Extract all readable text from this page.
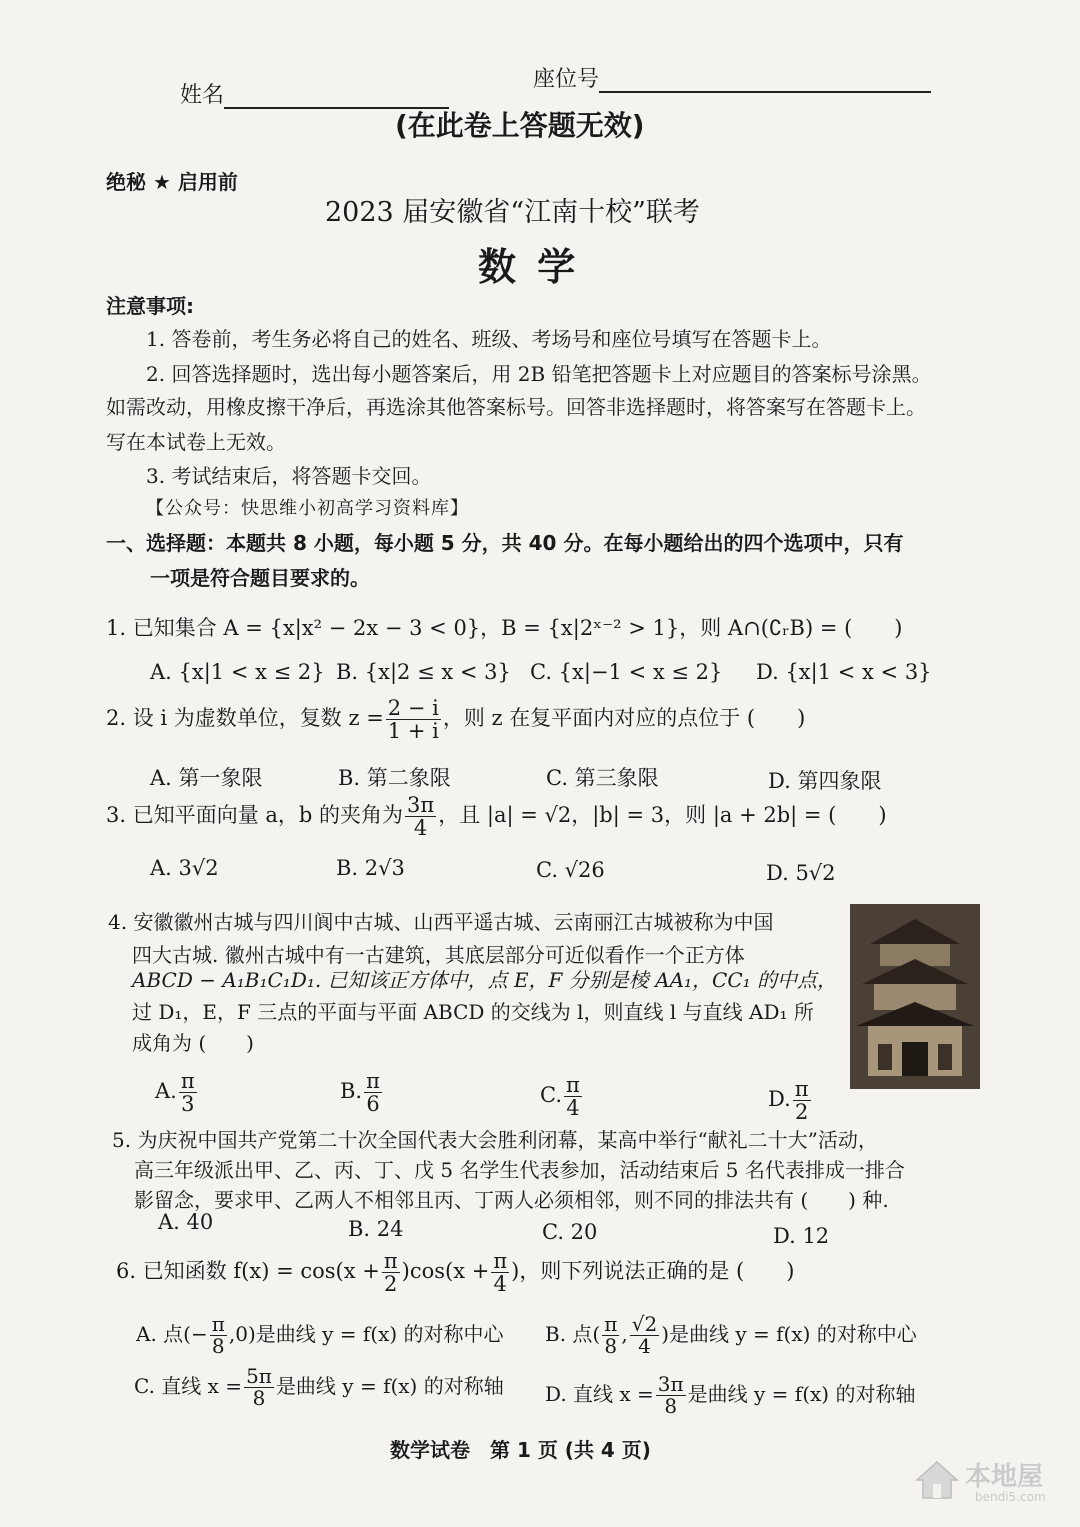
姓名
座位号
(在此卷上答题无效)
绝秘 ★ 启用前
2023 届安徽省“江南十校”联考
数 学
注意事项:
1. 答卷前，考生务必将自己的姓名、班级、考场号和座位号填写在答题卡上。
2. 回答选择题时，选出每小题答案后，用 2B 铅笔把答题卡上对应题目的答案标号涂黑。
如需改动，用橡皮擦干净后，再选涂其他答案标号。回答非选择题时，将答案写在答题卡上。
写在本试卷上无效。
3. 考试结束后，将答题卡交回。
【公众号：快思维小初高学习资料库】
一、选择题：本题共 8 小题，每小题 5 分，共 40 分。在每小题给出的四个选项中，只有
一项是符合题目要求的。
1. 已知集合 A = {x|x² − 2x − 3 < 0}，B = {x|2ˣ⁻² > 1}，则 A∩(∁ᵣB) = (　　)
A. {x|1 < x ≤ 2} B. {x|2 ≤ x < 3} C. {x|−1 < x ≤ 2} D. {x|1 < x < 3}
2. 设 i 为虚数单位，复数 $z = \frac{2 - i}{1 + i}$ ，则 z 在复平面内对应的点位于 (　　)
A. 第一象限	B. 第二象限	C. 第三象限	D. 第四象限
3. 已知平面向量 a，b 的夹角为 $\frac{3\pi}{4}$ ，且 |a| = √2，|b| = 3，则 |a + 2b| = (　　)
A. 3√2	B. 2√3	C. √26	D. 5√2
4. 安徽徽州古城与四川阆中古城、山西平遥古城、云南丽江古城被称为中国
四大古城. 徽州古城中有一古建筑，其底层部分可近似看作一个正方体
ABCD − A₁B₁C₁D₁. 已知该正方体中，点 E，F 分别是棱 AA₁，CC₁ 的中点，
过 D₁，E，F 三点的平面与平面 ABCD 的交线为 l，则直线 l 与直线 AD₁ 所
成角为 (　　)
A. $\frac{\pi}{3}$	B. $\frac{\pi}{6}$	C. $\frac{\pi}{4}$	D. $\frac{\pi}{2}$
5. 为庆祝中国共产党第二十次全国代表大会胜利闭幕，某高中举行“献礼二十大”活动，
高三年级派出甲、乙、丙、丁、戊 5 名学生代表参加，活动结束后 5 名代表排成一排合
影留念，要求甲、乙两人不相邻且丙、丁两人必须相邻，则不同的排法共有 (　　) 种.
A. 40	B. 24	C. 20	D. 12
6. 已知函数 $f(x) = \cos(x + \frac{\pi}{2} )\cos(x + \frac{\pi}{4}$ )，则下列说法正确的是 (　　)
A. 点(− $\frac{\pi}{8} ,0$)是曲线 y = f(x) 的对称中心 B. 点( $\frac{\pi}{8}$ , $\frac{√2}{4}$ )是曲线 y = f(x) 的对称中心
C. 直线 $x = \frac{5\pi}{8}$ 是曲线 y = f(x) 的对称轴 D. 直线 $x = \frac{3\pi}{8}$ 是曲线 y = f(x) 的对称轴
数学试卷　第 1 页 (共 4 页)
本地屋
bendi5.com
